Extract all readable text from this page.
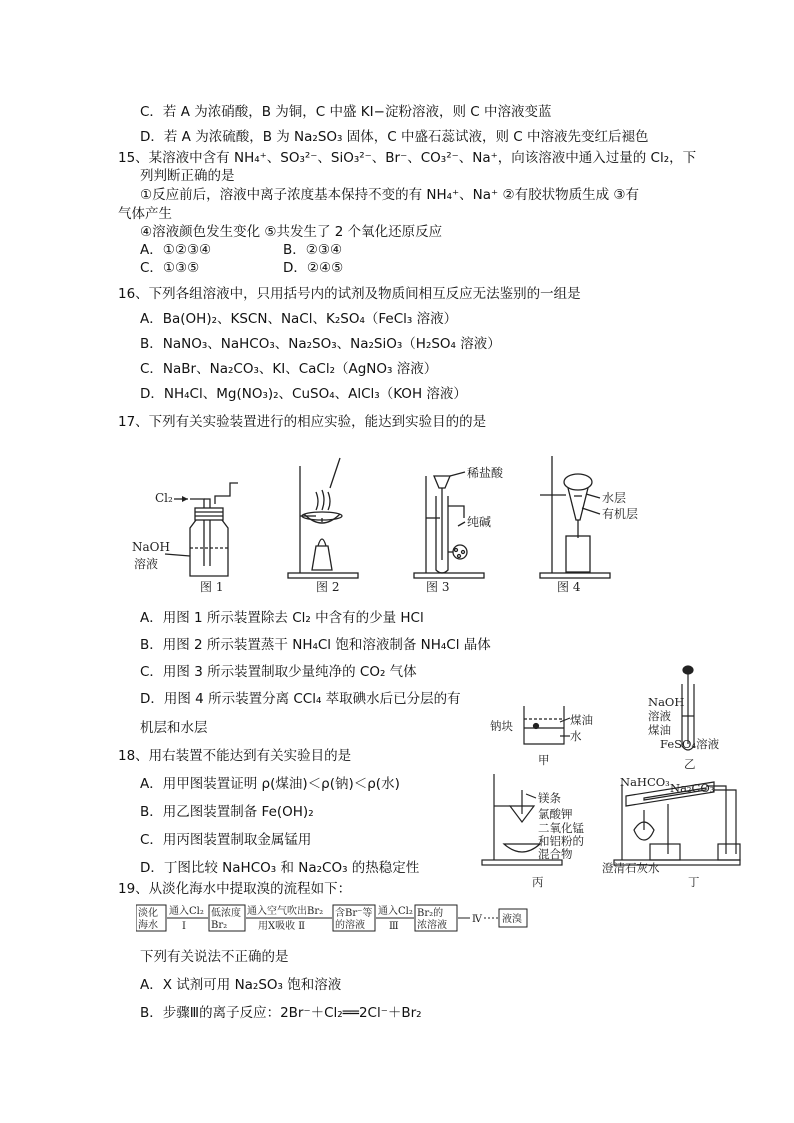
C．若 A 为浓硝酸，B 为铜，C 中盛 KI−淀粉溶液，则 C 中溶液变蓝
D．若 A 为浓硫酸，B 为 Na₂SO₃ 固体，C 中盛石蕊试液，则 C 中溶液先变红后褪色
15、某溶液中含有 NH₄⁺、SO₃²⁻、SiO₃²⁻、Br⁻、CO₃²⁻、Na⁺，向该溶液中通入过量的 Cl₂，下
列判断正确的是
①反应前后，溶液中离子浓度基本保持不变的有 NH₄⁺、Na⁺ ②有胶状物质生成 ③有
气体产生
④溶液颜色发生变化 ⑤共发生了 2 个氧化还原反应
A．①②③④	B．②③④
C．①③⑤	D．②④⑤
16、下列各组溶液中，只用括号内的试剂及物质间相互反应无法鉴别的一组是
A．Ba(OH)₂、KSCN、NaCl、K₂SO₄（FeCl₃ 溶液）
B．NaNO₃、NaHCO₃、Na₂SO₃、Na₂SiO₃（H₂SO₄ 溶液）
C．NaBr、Na₂CO₃、KI、CaCl₂（AgNO₃ 溶液）
D．NH₄Cl、Mg(NO₃)₂、CuSO₄、AlCl₃（KOH 溶液）
17、下列有关实验装置进行的相应实验，能达到实验目的的是
A．用图 1 所示装置除去 Cl₂ 中含有的少量 HCl
B．用图 2 所示装置蒸干 NH₄Cl 饱和溶液制备 NH₄Cl 晶体
C．用图 3 所示装置制取少量纯净的 CO₂ 气体
D．用图 4 所示装置分离 CCl₄ 萃取碘水后已分层的有
机层和水层
18、用右装置不能达到有关实验目的是
A．用甲图装置证明 ρ(煤油)＜ρ(钠)＜ρ(水)
B．用乙图装置制备 Fe(OH)₂
C．用丙图装置制取金属锰用
D．丁图比较 NaHCO₃ 和 Na₂CO₃ 的热稳定性
19、从淡化海水中提取溴的流程如下：
下列有关说法不正确的是
A．X 试剂可用 Na₂SO₃ 饱和溶液
B．步骤Ⅲ的离子反应：2Br⁻＋Cl₂══2Cl⁻＋Br₂
Cl₂
NaOH
溶液
图 1	图 2
稀盐酸
纯碱
图 3
水层
有机层
图 4
钠块	煤油
水
甲
NaOH
溶液
煤油
FeSO₄溶液
乙
镁条
氯酸钾
二氧化锰
和铝粉的
混合物
丙
NaHCO₃ Na₂CO₃
澄清石灰水
丁
淡化
海水
通入Cl₂
Ⅰ
低浓度
Br₂
通入空气吹出Br₂
用X吸收 Ⅱ
含Br⁻等
的溶液
通入Cl₂
Ⅲ
Br₂的
浓溶液
Ⅳ 液溴
